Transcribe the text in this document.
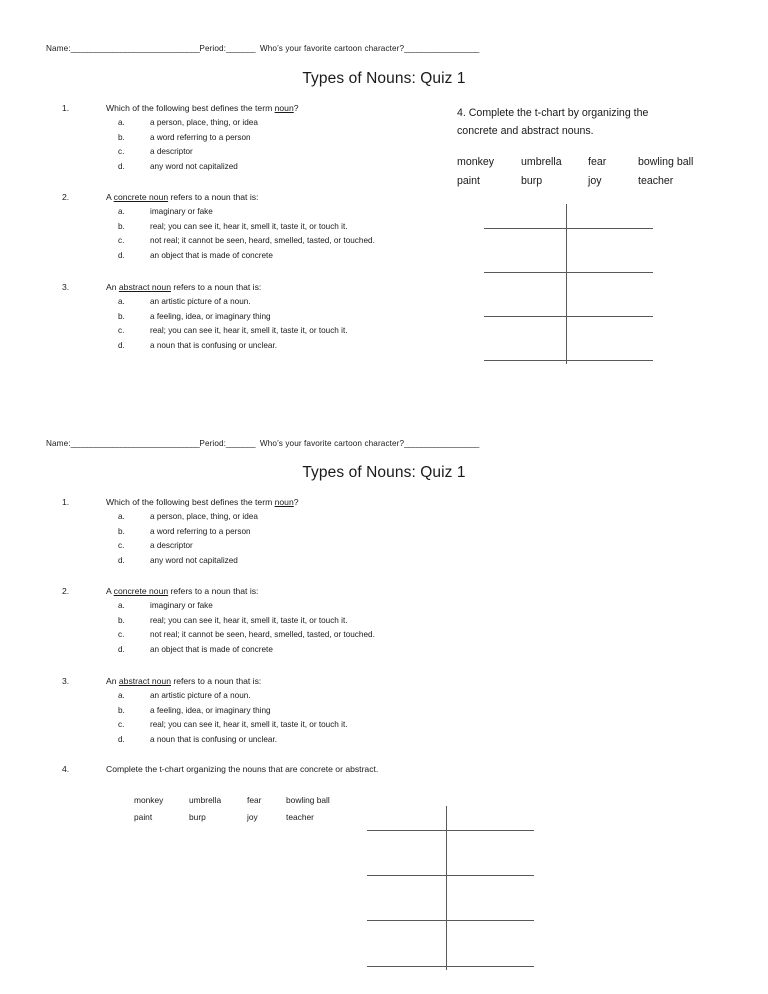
Name:_______________________________Period:_______ Who’s your favorite cartoon character?__________________
Types of Nouns: Quiz 1
1.	Which of the following best defines the term noun?
a.	a person, place, thing, or idea
b.	a word referring to a person
c.	a descriptor
d.	any word not capitalized
2.	A concrete noun refers to a noun that is:
a.	imaginary or fake
b.	real; you can see it, hear it, smell it, taste it, or touch it.
c.	not real; it cannot be seen, heard, smelled, tasted, or touched.
d.	an object that is made of concrete
3.	An abstract noun refers to a noun that is:
a.	an artistic picture of a noun.
b.	a feeling, idea, or imaginary thing
c.	real; you can see it, hear it, smell it, taste it, or touch it.
d.	a noun that is confusing or unclear.
4. Complete the t-chart by organizing the
concrete and abstract nouns.
monkey	umbrella	fear	bowling ball
paint	burp	joy	teacher
Name:_______________________________Period:_______ Who’s your favorite cartoon character?__________________
Types of Nouns: Quiz 1
1.	Which of the following best defines the term noun?
a.	a person, place, thing, or idea
b.	a word referring to a person
c.	a descriptor
d.	any word not capitalized
2.	A concrete noun refers to a noun that is:
a.	imaginary or fake
b.	real; you can see it, hear it, smell it, taste it, or touch it.
c.	not real; it cannot be seen, heard, smelled, tasted, or touched.
d.	an object that is made of concrete
3.	An abstract noun refers to a noun that is:
a.	an artistic picture of a noun.
b.	a feeling, idea, or imaginary thing
c.	real; you can see it, hear it, smell it, taste it, or touch it.
d.	a noun that is confusing or unclear.
4.	Complete the t-chart organizing the nouns that are concrete or abstract.
monkey	umbrella	fear	bowling ball
paint	burp	joy	teacher
